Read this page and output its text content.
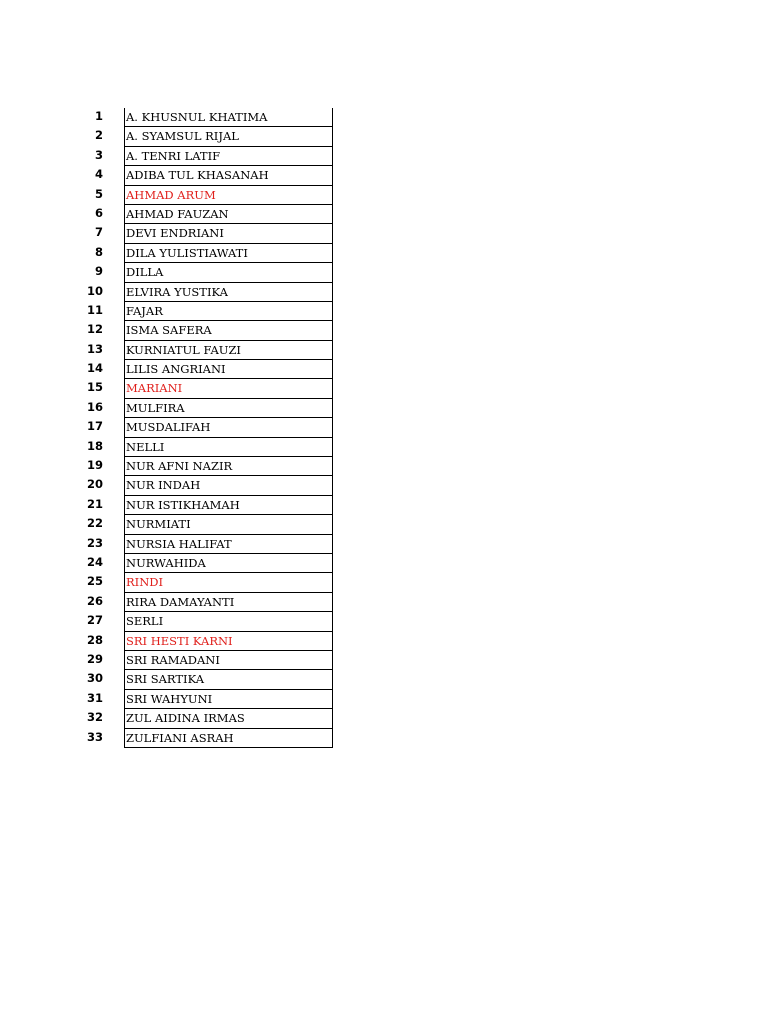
1	A. KHUSNUL KHATIMA
2	A. SYAMSUL RIJAL
3	A. TENRI LATIF
4	ADIBA TUL KHASANAH
5	AHMAD ARUM
6	AHMAD FAUZAN
7	DEVI ENDRIANI
8	DILA YULISTIAWATI
9	DILLA
10	ELVIRA YUSTIKA
11	FAJAR
12	ISMA SAFERA
13	KURNIATUL FAUZI
14	LILIS ANGRIANI
15	MARIANI
16	MULFIRA
17	MUSDALIFAH
18	NELLI
19	NUR AFNI NAZIR
20	NUR INDAH
21	NUR ISTIKHAMAH
22	NURMIATI
23	NURSIA HALIFAT
24	NURWAHIDA
25	RINDI
26	RIRA DAMAYANTI
27	SERLI
28	SRI HESTI KARNI
29	SRI RAMADANI
30	SRI SARTIKA
31	SRI WAHYUNI
32	ZUL AIDINA IRMAS
33	ZULFIANI ASRAH
